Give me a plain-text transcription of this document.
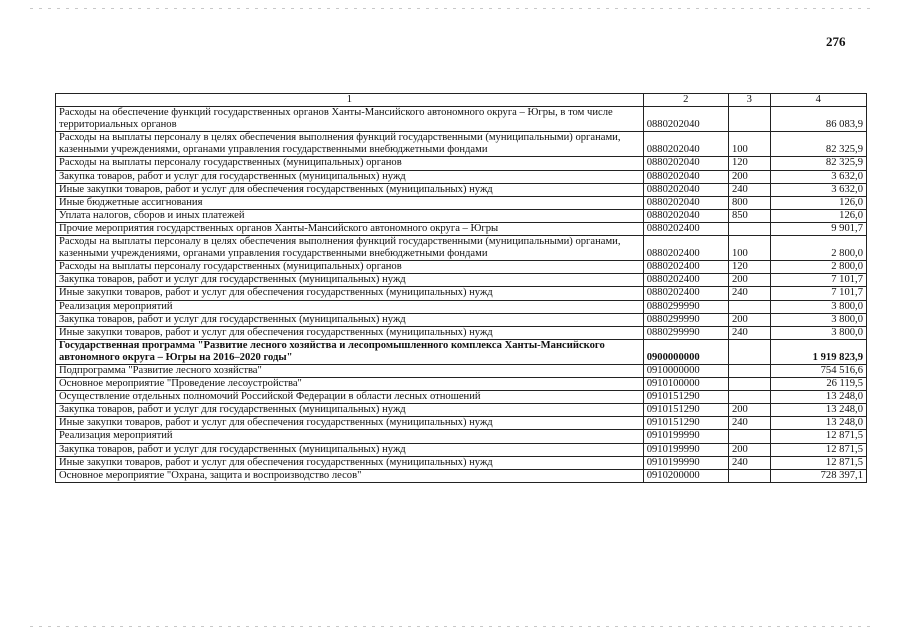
276
1	2	3	4
Расходы на обеспечение функций государственных органов Ханты-Мансийского автономного округа – Югры, в том числе территориальных органов	0880202040		86 083,9
Расходы на выплаты персоналу в целях обеспечения выполнения функций государственными (муниципальными) органами, казенными учреждениями, органами управления государственными внебюджетными фондами	0880202040	100	82 325,9
Расходы на выплаты персоналу государственных (муниципальных) органов	0880202040	120	82 325,9
Закупка товаров, работ и услуг для государственных (муниципальных) нужд	0880202040	200	3 632,0
Иные закупки товаров, работ и услуг для обеспечения государственных (муниципальных) нужд	0880202040	240	3 632,0
Иные бюджетные ассигнования	0880202040	800	126,0
Уплата налогов, сборов и иных платежей	0880202040	850	126,0
Прочие мероприятия государственных органов Ханты-Мансийского автономного округа – Югры	0880202400		9 901,7
Расходы на выплаты персоналу в целях обеспечения выполнения функций государственными (муниципальными) органами, казенными учреждениями, органами управления государственными внебюджетными фондами	0880202400	100	2 800,0
Расходы на выплаты персоналу государственных (муниципальных) органов	0880202400	120	2 800,0
Закупка товаров, работ и услуг для государственных (муниципальных) нужд	0880202400	200	7 101,7
Иные закупки товаров, работ и услуг для обеспечения государственных (муниципальных) нужд	0880202400	240	7 101,7
Реализация мероприятий	0880299990		3 800,0
Закупка товаров, работ и услуг для государственных (муниципальных) нужд	0880299990	200	3 800,0
Иные закупки товаров, работ и услуг для обеспечения государственных (муниципальных) нужд	0880299990	240	3 800,0
Государственная программа "Развитие лесного хозяйства и лесопромышленного комплекса Ханты-Мансийского автономного округа – Югры на 2016–2020 годы"	0900000000		1 919 823,9
Подпрограмма "Развитие лесного хозяйства"	0910000000		754 516,6
Основное мероприятие "Проведение лесоустройства"	0910100000		26 119,5
Осуществление отдельных полномочий Российской Федерации в области лесных отношений	0910151290		13 248,0
Закупка товаров, работ и услуг для государственных (муниципальных) нужд	0910151290	200	13 248,0
Иные закупки товаров, работ и услуг для обеспечения государственных (муниципальных) нужд	0910151290	240	13 248,0
Реализация мероприятий	0910199990		12 871,5
Закупка товаров, работ и услуг для государственных (муниципальных) нужд	0910199990	200	12 871,5
Иные закупки товаров, работ и услуг для обеспечения государственных (муниципальных) нужд	0910199990	240	12 871,5
Основное мероприятие "Охрана, защита и воспроизводство лесов"	0910200000		728 397,1
